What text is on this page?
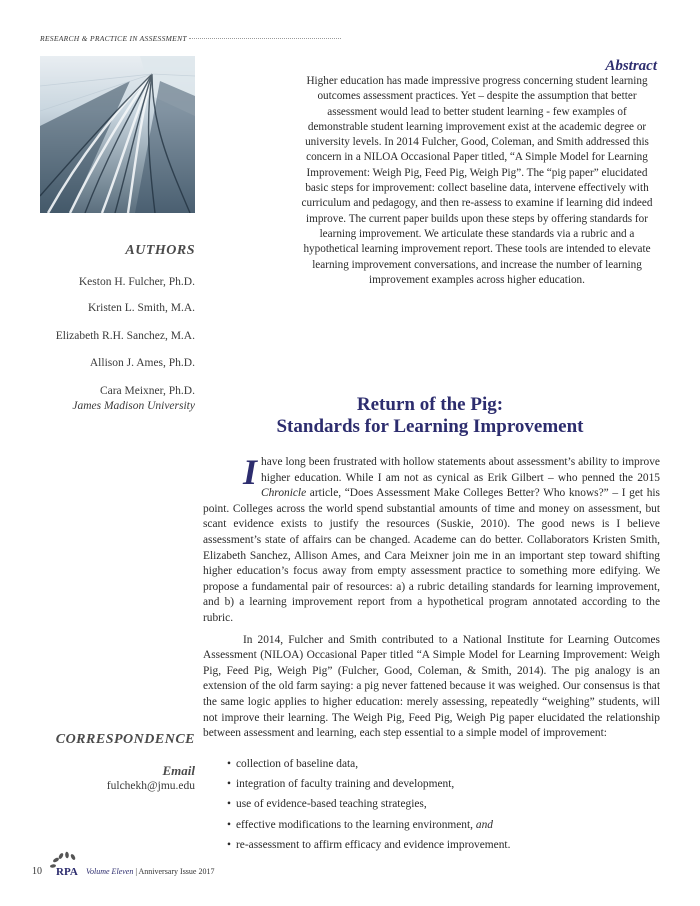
RESEARCH & PRACTICE IN ASSESSMENT ·
Abstract
Higher education has made impressive progress concerning student learning outcomes assessment practices. Yet – despite the assumption that better assessment would lead to better student learning - few examples of demonstrable student learning improvement exist at the academic degree or university levels. In 2014 Fulcher, Good, Coleman, and Smith addressed this concern in a NILOA Occasional Paper titled, “A Simple Model for Learning Improvement: Weigh Pig, Feed Pig, Weigh Pig”. The “pig paper” elucidated basic steps for improvement: collect baseline data, intervene effectively with curriculum and pedagogy, and then re-assess to examine if learning did indeed improve. The current paper builds upon these steps by offering standards for learning improvement. We articulate these standards via a rubric and a hypothetical learning improvement report. These tools are intended to elevate learning improvement conversations, and increase the number of learning improvement examples across higher education.
AUTHORS
Keston H. Fulcher, Ph.D.
Kristen L. Smith, M.A.
Elizabeth R.H. Sanchez, M.A.
Allison J. Ames, Ph.D.
Cara Meixner, Ph.D.
James Madison University	Return of the Pig:
Standards for Learning Improvement

I have long been frustrated with hollow statements about assessment’s ability to improve higher education. While I am not as cynical as Erik Gilbert – who penned the 2015 Chronicle article, “Does Assessment Make Colleges Better? Who knows?” – I get his point. Colleges across the world spend substantial amounts of time and money on assessment, but scant evidence exists to justify the resources (Suskie, 2010). The good news is I believe assessment’s state of affairs can be changed. Academe can do better. Collaborators Kristen Smith, Elizabeth Sanchez, Allison Ames, and Cara Meixner join me in an important step toward shifting higher education’s focus away from empty assessment practice to something more edifying. We propose a fundamental pair of resources: a) a rubric detailing standards for learning improvement, and b) a learning improvement report from a hypothetical program annotated according to the rubric.

In 2014, Fulcher and Smith contributed to a National Institute for Learning Outcomes Assessment (NILOA) Occasional Paper titled “A Simple Model for Learning Improvement: Weigh Pig, Feed Pig, Weigh Pig” (Fulcher, Good, Coleman, & Smith, 2014). The pig analogy is an extension of the old farm saying: a pig never fattened because it was weighed. Our consensus is that the same logic applies to higher education: merely assessing, repeatedly “weighing” students, will not improve their learning. The Weigh Pig, Feed Pig, Weigh Pig paper elucidated the relationship between assessment and learning, each step essential to a simple model of improvement:

• collection of baseline data,
• integration of faculty training and development,
• use of evidence-based teaching strategies,
• effective modifications to the learning environment, and
• re-assessment to affirm efficacy and evidence improvement.
CORRESPONDENCE
Email
fulchekh@jmu.edu
10 RPA Volume Eleven | Anniversary Issue 2017
